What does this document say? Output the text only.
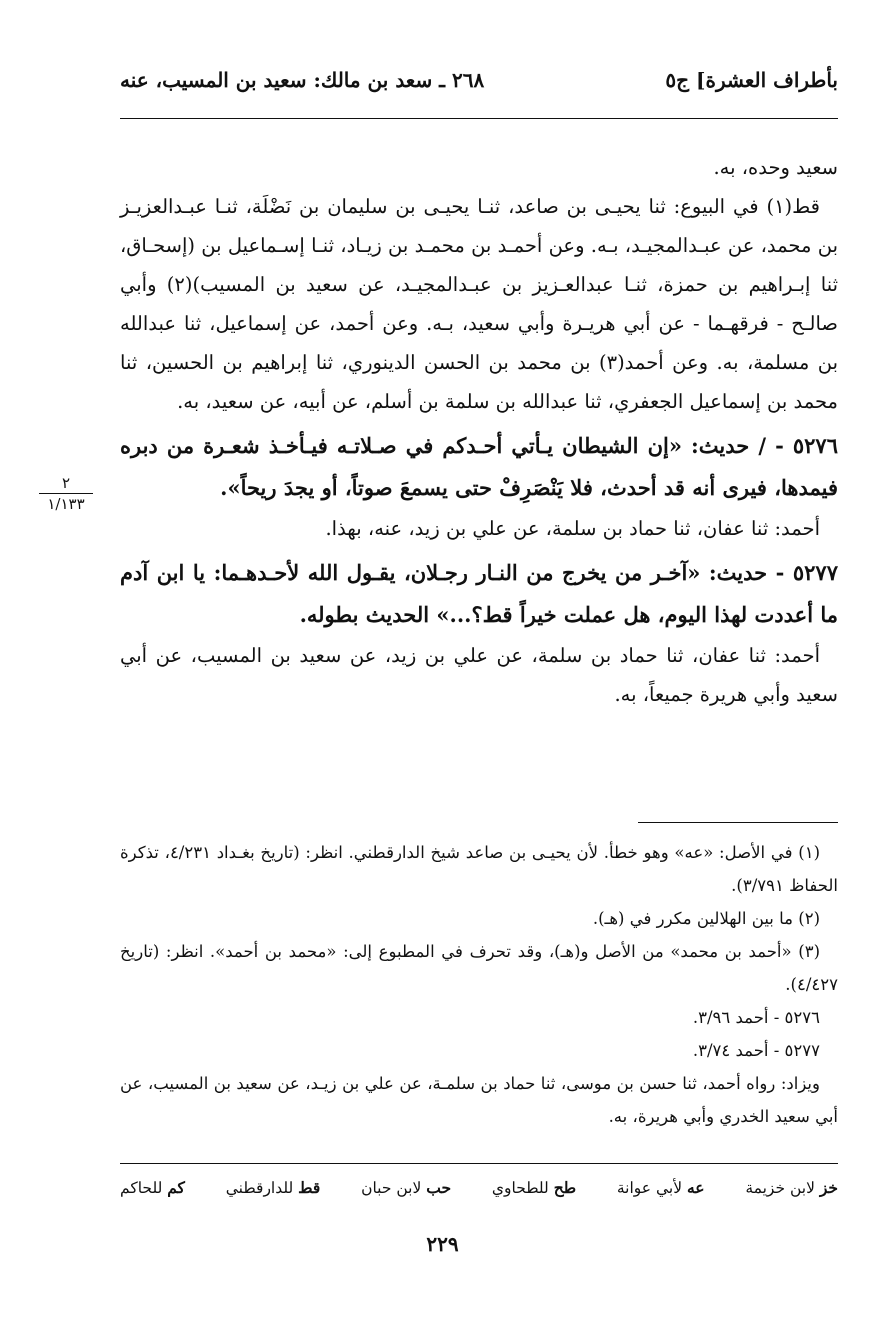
بأطراف العشرة] ج٥
٢٦٨ ـ سعد بن مالك: سعيد بن المسيب، عنه
٢
١/١٣٣

سعيد وحده، به.

قط(١) في البيوع: ثنا يحيـى بن صاعد، ثنـا يحيـى بن سليمان بن نَضْلَة، ثنـا عبـدالعزيـز بن محمد، عن عبـدالمجيـد، بـه. وعن أحمـد بن محمـد بن زيـاد، ثنـا إسـماعيل بن (إسحـاق، ثنا إبـراهيم بن حمزة، ثنـا عبدالعـزيز بن عبـدالمجيـد، عن سعيد بن المسيب)(٢) وأبي صالـح - فرقهـما - عن أبي هريـرة وأبي سعيد، بـه. وعن أحمد، عن إسماعيل، ثنا عبدالله بن مسلمة، به. وعن أحمد(٣) بن محمد بن الحسن الدينوري، ثنا إبراهيم بن الحسين، ثنا محمد بن إسماعيل الجعفري، ثنا عبدالله بن سلمة بن أسلم، عن أبيه، عن سعيد، به.

٥٢٧٦ - / حديث: «إن الشيطان يـأتي أحـدكم في صـلاتـه فيـأخـذ شعـرة من دبره فيمدها، فيرى أنه قد أحدث، فلا يَنْصَرِفْ حتى يسمعَ صوتاً، أو يجدَ ريحاً».

أحمد: ثنا عفان، ثنا حماد بن سلمة، عن علي بن زيد، عنه، بهذا.

٥٢٧٧ - حديث: «آخـر من يخرج من النـار رجـلان، يقـول الله لأحـدهـما: يا ابن آدم ما أعددت لهذا اليوم، هل عملت خيراً قط؟...» الحديث بطوله.

أحمد: ثنا عفان، ثنا حماد بن سلمة، عن علي بن زيد، عن سعيد بن المسيب، عن أبي سعيد وأبي هريرة جميعاً، به.

(١) في الأصل: «عه» وهو خطأ. لأن يحيـى بن صاعد شيخ الدارقطني. انظر: (تاريخ بغـداد ٤/٢٣١، تذكرة الحفاظ ٣/٧٩١).

(٢) ما بين الهلالين مكرر في (هـ).

(٣) «أحمد بن محمد» من الأصل و(هـ)، وقد تحرف في المطبوع إلى: «محمد بن أحمد». انظر: (تاريخ ٤/٤٢٧).

٥٢٧٦ - أحمد ٣/٩٦.

٥٢٧٧ - أحمد ٣/٧٤.

ويزاد: رواه أحمد، ثنا حسن بن موسى، ثنا حماد بن سلمـة، عن علي بن زيـد، عن سعيد بن المسيب، عن أبي سعيد الخدري وأبي هريرة، به.

خز لابن خزيمة
عه لأبي عوانة
طح للطحاوي
حب لابن حبان
قط للدارقطني
كم للحاكم
٢٢٩
